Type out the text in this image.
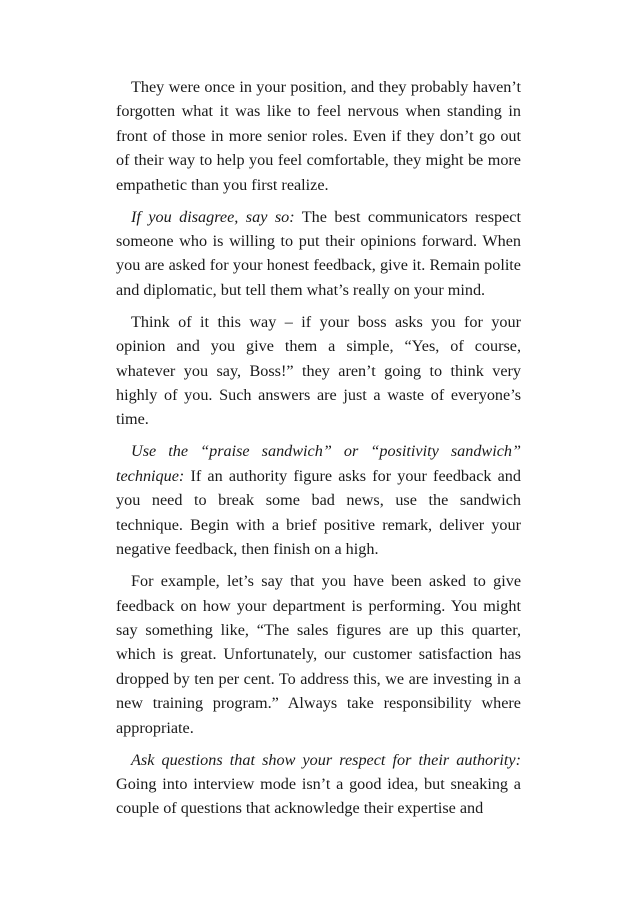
They were once in your position, and they probably haven’t forgotten what it was like to feel nervous when standing in front of those in more senior roles. Even if they don’t go out of their way to help you feel comfortable, they might be more empathetic than you first realize.

If you disagree, say so: The best communicators respect someone who is willing to put their opinions forward. When you are asked for your honest feedback, give it. Remain polite and diplomatic, but tell them what’s really on your mind.

Think of it this way – if your boss asks you for your opinion and you give them a simple, “Yes, of course, whatever you say, Boss!” they aren’t going to think very highly of you. Such answers are just a waste of everyone’s time.

Use the “praise sandwich” or “positivity sandwich” technique: If an authority figure asks for your feedback and you need to break some bad news, use the sandwich technique. Begin with a brief positive remark, deliver your negative feedback, then finish on a high.

For example, let’s say that you have been asked to give feedback on how your department is performing. You might say something like, “The sales figures are up this quarter, which is great. Unfortunately, our customer satisfaction has dropped by ten per cent. To address this, we are investing in a new training program.” Always take responsibility where appropriate.

Ask questions that show your respect for their authority: Going into interview mode isn’t a good idea, but sneaking a couple of questions that acknowledge their expertise and
